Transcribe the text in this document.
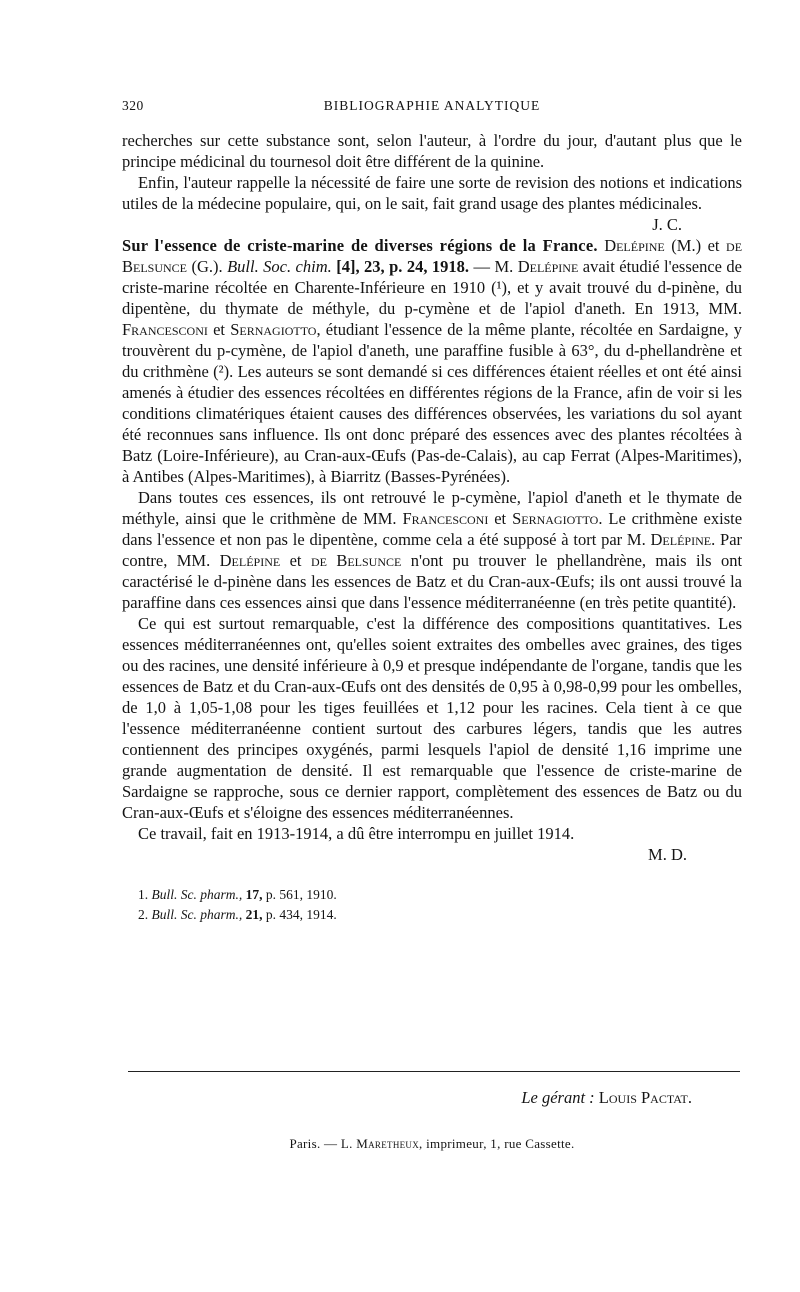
320	BIBLIOGRAPHIE ANALYTIQUE

recherches sur cette substance sont, selon l'auteur, à l'ordre du jour, d'autant plus que le principe médicinal du tournesol doit être différent de la quinine.

Enfin, l'auteur rappelle la nécessité de faire une sorte de revision des notions et indications utiles de la médecine populaire, qui, on le sait, fait grand usage des plantes médicinales.

J. C.

Sur l'essence de criste-marine de diverses régions de la France. Delépine (M.) et de Belsunce (G.). Bull. Soc. chim. [4], 23, p. 24, 1918. — M. Delépine avait étudié l'essence de criste-marine récoltée en Charente-Inférieure en 1910 (¹), et y avait trouvé du d-pinène, du dipentène, du thymate de méthyle, du p-cymène et de l'apiol d'aneth. En 1913, MM. Francesconi et Sernagiotto, étudiant l'essence de la même plante, récoltée en Sardaigne, y trouvèrent du p-cymène, de l'apiol d'aneth, une paraffine fusible à 63°, du d-phellandrène et du crithmène (²). Les auteurs se sont demandé si ces différences étaient réelles et ont été ainsi amenés à étudier des essences récoltées en différentes régions de la France, afin de voir si les conditions climatériques étaient causes des différences observées, les variations du sol ayant été reconnues sans influence. Ils ont donc préparé des essences avec des plantes récoltées à Batz (Loire-Inférieure), au Cran-aux-Œufs (Pas-de-Calais), au cap Ferrat (Alpes-Maritimes), à Antibes (Alpes-Maritimes), à Biarritz (Basses-Pyrénées).

Dans toutes ces essences, ils ont retrouvé le p-cymène, l'apiol d'aneth et le thymate de méthyle, ainsi que le crithmène de MM. Francesconi et Sernagiotto. Le crithmène existe dans l'essence et non pas le dipentène, comme cela a été supposé à tort par M. Delépine. Par contre, MM. Delépine et de Belsunce n'ont pu trouver le phellandrène, mais ils ont caractérisé le d-pinène dans les essences de Batz et du Cran-aux-Œufs; ils ont aussi trouvé la paraffine dans ces essences ainsi que dans l'essence méditerranéenne (en très petite quantité).

Ce qui est surtout remarquable, c'est la différence des compositions quantitatives. Les essences méditerranéennes ont, qu'elles soient extraites des ombelles avec graines, des tiges ou des racines, une densité inférieure à 0,9 et presque indépendante de l'organe, tandis que les essences de Batz et du Cran-aux-Œufs ont des densités de 0,95 à 0,98-0,99 pour les ombelles, de 1,0 à 1,05-1,08 pour les tiges feuillées et 1,12 pour les racines. Cela tient à ce que l'essence méditerranéenne contient surtout des carbures légers, tandis que les autres contiennent des principes oxygénés, parmi lesquels l'apiol de densité 1,16 imprime une grande augmentation de densité. Il est remarquable que l'essence de criste-marine de Sardaigne se rapproche, sous ce dernier rapport, complètement des essences de Batz ou du Cran-aux-Œufs et s'éloigne des essences méditerranéennes.

Ce travail, fait en 1913-1914, a dû être interrompu en juillet 1914.

M. D.

1. Bull. Sc. pharm., 17, p. 561, 1910.
2. Bull. Sc. pharm., 21, p. 434, 1914.
Le gérant : Louis Pactat.
Paris. — L. Maretheux, imprimeur, 1, rue Cassette.
